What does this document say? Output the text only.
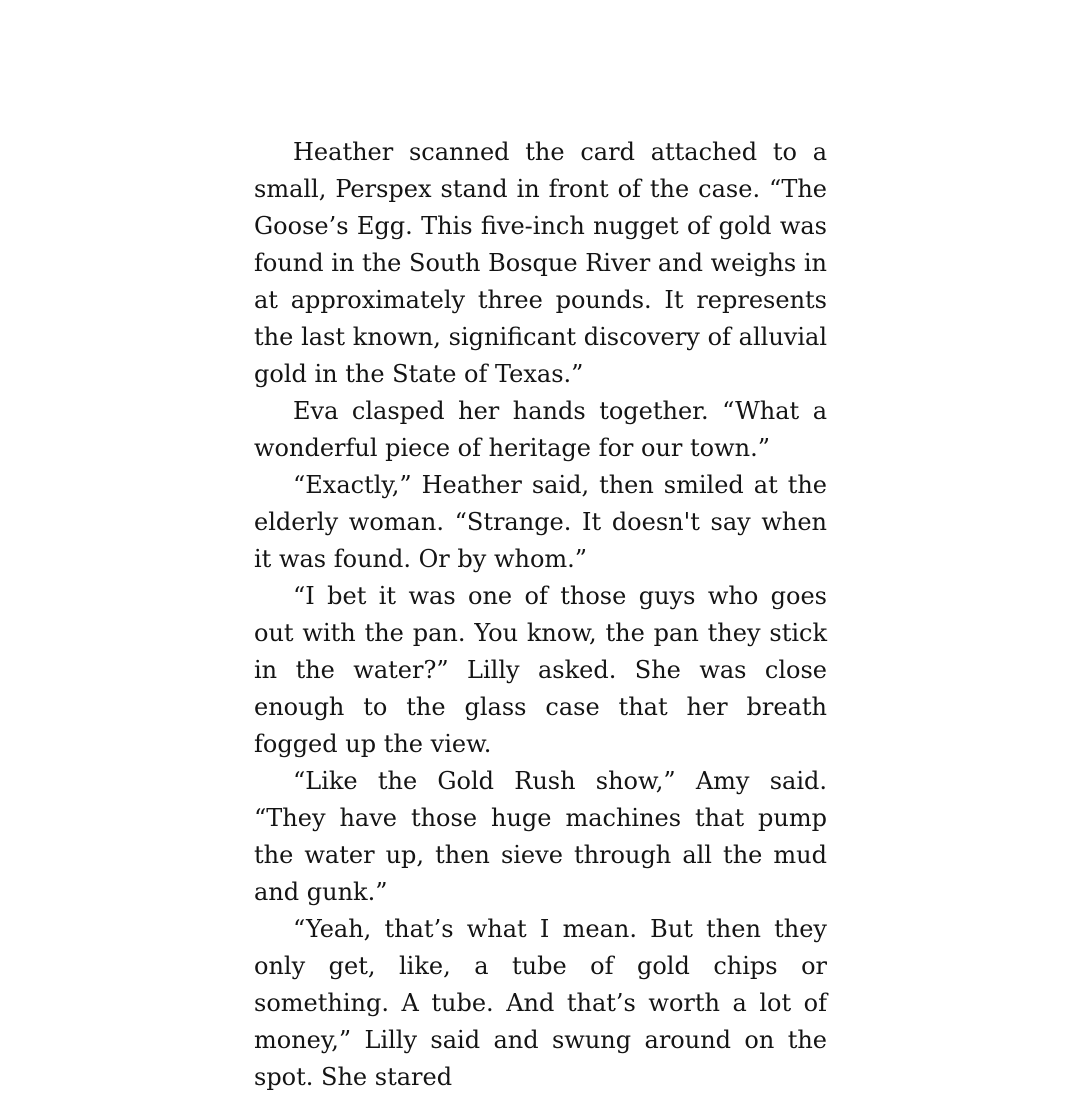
Heather scanned the card attached to a small, Perspex stand in front of the case. “The Goose’s Egg. This five-inch nugget of gold was found in the South Bosque River and weighs in at approximately three pounds. It represents the last known, significant discovery of alluvial gold in the State of Texas.”

Eva clasped her hands together. “What a wonderful piece of heritage for our town.”

“Exactly,” Heather said, then smiled at the elderly woman. “Strange. It doesn't say when it was found. Or by whom.”

“I bet it was one of those guys who goes out with the pan. You know, the pan they stick in the water?” Lilly asked. She was close enough to the glass case that her breath fogged up the view.

“Like the Gold Rush show,” Amy said. “They have those huge machines that pump the water up, then sieve through all the mud and gunk.”

“Yeah, that’s what I mean. But then they only get, like, a tube of gold chips or something. A tube. And that’s worth a lot of money,” Lilly said and swung around on the spot. She stared
